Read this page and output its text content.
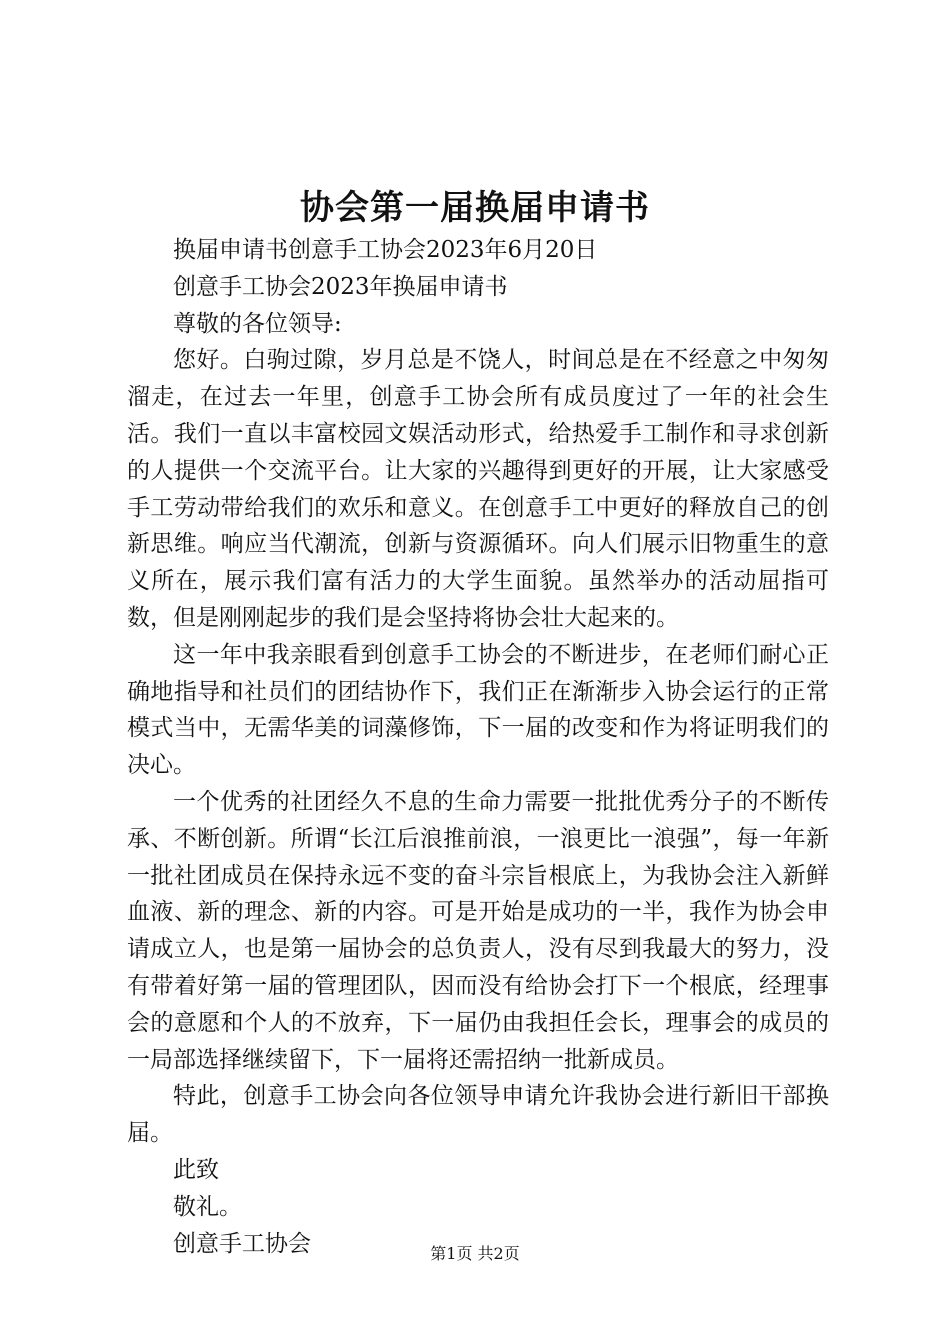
协会第一届换届申请书

换届申请书创意手工协会2023年6月20日

创意手工协会2023年换届申请书

尊敬的各位领导:

您好。白驹过隙，岁月总是不饶人，时间总是在不经意之中匆匆溜走，在过去一年里，创意手工协会所有成员度过了一年的社会生活。我们一直以丰富校园文娱活动形式，给热爱手工制作和寻求创新的人提供一个交流平台。让大家的兴趣得到更好的开展，让大家感受手工劳动带给我们的欢乐和意义。在创意手工中更好的释放自己的创新思维。响应当代潮流，创新与资源循环。向人们展示旧物重生的意义所在，展示我们富有活力的大学生面貌。虽然举办的活动屈指可数，但是刚刚起步的我们是会坚持将协会壮大起来的。

这一年中我亲眼看到创意手工协会的不断进步，在老师们耐心正确地指导和社员们的团结协作下，我们正在渐渐步入协会运行的正常模式当中，无需华美的词藻修饰，下一届的改变和作为将证明我们的决心。

一个优秀的社团经久不息的生命力需要一批批优秀分子的不断传承、不断创新。所谓“长江后浪推前浪，一浪更比一浪强”，每一年新一批社团成员在保持永远不变的奋斗宗旨根底上，为我协会注入新鲜血液、新的理念、新的内容。可是开始是成功的一半，我作为协会申请成立人，也是第一届协会的总负责人，没有尽到我最大的努力，没有带着好第一届的管理团队，因而没有给协会打下一个根底，经理事会的意愿和个人的不放弃，下一届仍由我担任会长，理事会的成员的一局部选择继续留下，下一届将还需招纳一批新成员。

特此，创意手工协会向各位领导申请允许我协会进行新旧干部换届。

此致

敬礼。

创意手工协会	第1页 共2页
